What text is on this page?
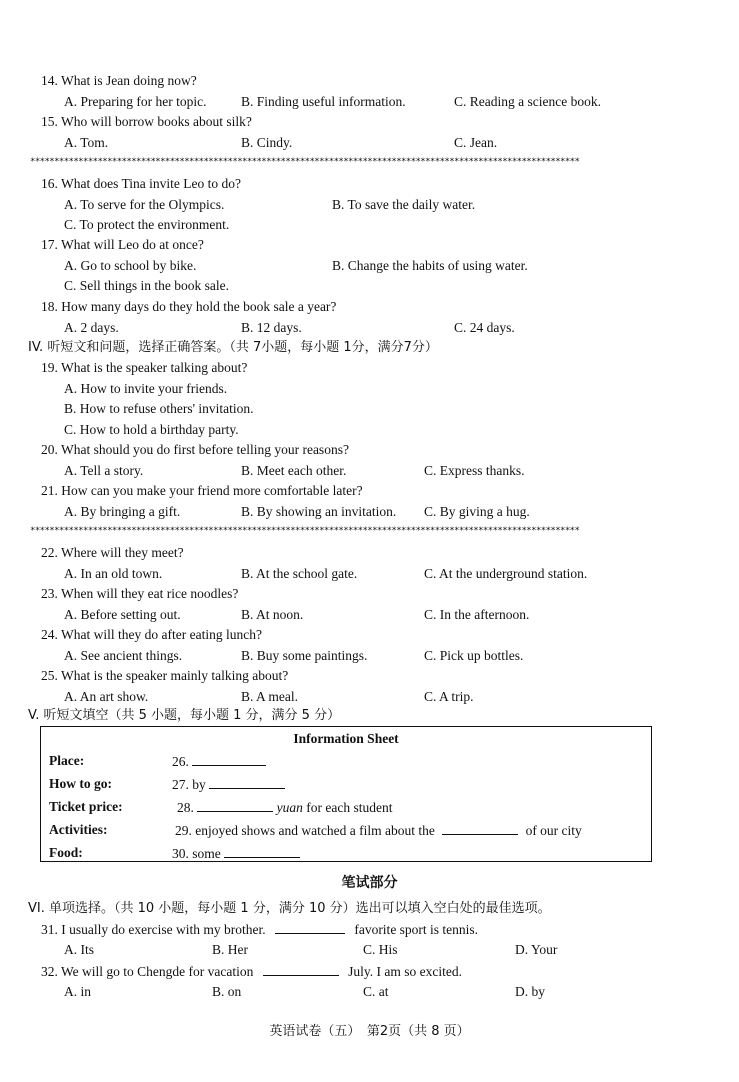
14. What is Jean doing now?
A. Preparing for her topic.	B. Finding useful information.	C. Reading a science book.
15. Who will borrow books about silk?
A. Tom.	B. Cindy.	C. Jean.
******************************************************************************************************************
16. What does Tina invite Leo to do?
A. To serve for the Olympics.	B. To save the daily water.
C. To protect the environment.
17. What will Leo do at once?
A. Go to school by bike.	B. Change the habits of using water.
C. Sell things in the book sale.
18. How many days do they hold the book sale a year?
A. 2 days.	B. 12 days.	C. 24 days.
IV. 听短文和问题，选择正确答案。（共 7小题，每小题 1分，满分7分）
19. What is the speaker talking about?
A. How to invite your friends.
B. How to refuse others' invitation.
C. How to hold a birthday party.
20. What should you do first before telling your reasons?
A. Tell a story.	B. Meet each other.	C. Express thanks.
21. How can you make your friend more comfortable later?
A. By bringing a gift.	B. By showing an invitation. C. By giving a hug.
******************************************************************************************************************
22. Where will they meet?
A. In an old town.	B. At the school gate.	C. At the underground station.
23. When will they eat rice noodles?
A. Before setting out.	B. At noon.	C. In the afternoon.
24. What will they do after eating lunch?
A. See ancient things.	B. Buy some paintings.	C. Pick up bottles.
25. What is the speaker mainly talking about?
A. An art show.	B. A meal.	C. A trip.
V. 听短文填空（共 5 小题，每小题 1 分，满分 5 分）
Information Sheet
Place:	26.
How to go:	27. by
Ticket price:	28.	yuan for each student
Activities:	29. enjoyed shows and watched a film about the	of our city
Food:	30. some
笔试部分
VI. 单项选择。（共 10 小题，每小题 1 分，满分 10 分）选出可以填入空白处的最佳选项。
31. I usually do exercise with my brother.	favorite sport is tennis.
A. Its	B. Her	C. His	D. Your
32. We will go to Chengde for vacation	July. I am so excited.
A. in	B. on	C. at	D. by
英语试卷（五）　第2页（共 8 页）
